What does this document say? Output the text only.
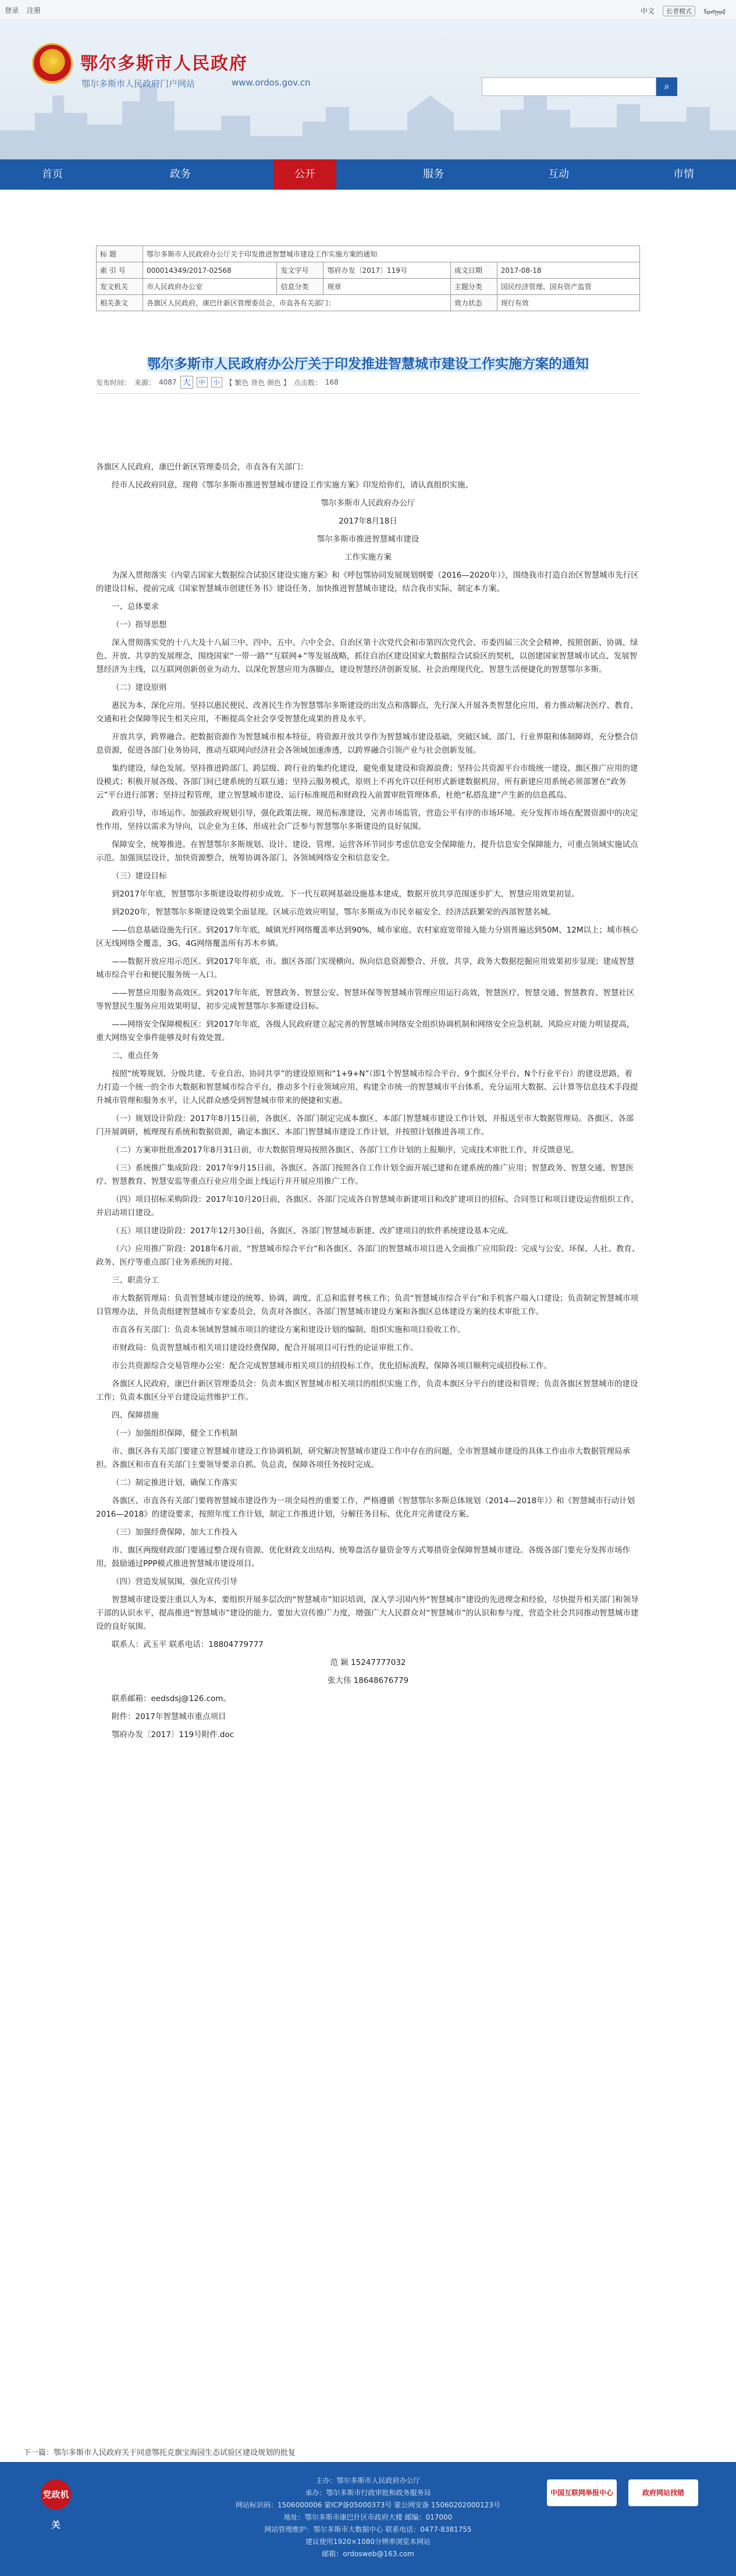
登录 注册	中文	长者模式	ᠮᠣᠩᠭᠣᠯ
★ 鄂尔多斯市人民政府
鄂尔多斯市人民政府门户网站	www.ordos.gov.cn	⌕
首页	政务	公开	服务	互动	市情
标 题	鄂尔多斯市人民政府办公厅关于印发推进智慧城市建设工作实施方案的通知				
索 引 号	000014349/2017-02568	发文字号	鄂府办发〔2017〕119号	成文日期	2017-08-18
发文机关	市人民政府办公室	信息分类	规章	主题分类	国民经济管理、国有资产监管
相关条文	各旗区人民政府，康巴什新区管理委员会，市直各有关部门：			效力状态	现行有效
鄂尔多斯市人民政府办公厅关于印发推进智慧城市建设工作实施方案的通知
发布时间： 来源： 4087 大	中	小 【 繁色 背色 颜色 】 点击数： 168

各旗区人民政府，康巴什新区管理委员会，市直各有关部门：

经市人民政府同意，现将《鄂尔多斯市推进智慧城市建设工作实施方案》印发给你们，请认真组织实施。

鄂尔多斯市人民政府办公厅

2017年8月18日

鄂尔多斯市推进智慧城市建设

工作实施方案

为深入贯彻落实《内蒙古国家大数据综合试验区建设实施方案》和《呼包鄂协同发展规划纲要（2016—2020年）》，围绕我市打造自治区智慧城市先行区的建设目标，提前完成《国家智慧城市创建任务书》建设任务，加快推进智慧城市建设，结合我市实际，制定本方案。

一、总体要求

（一）指导思想

深入贯彻落实党的十八大及十八届三中、四中、五中、六中全会、自治区第十次党代会和市第四次党代会、市委四届三次全会精神，按照创新、协调、绿色、开放、共享的发展理念，围绕国家“一带一路”“互联网+”等发展战略，抓住自治区建设国家大数据综合试验区的契机，以创建国家智慧城市试点、发展智慧经济为主线，以互联网创新创业为动力，以深化智慧应用为落脚点，建设智慧经济创新发展、社会治理现代化、智慧生活便捷化的智慧鄂尔多斯。

（二）建设原则

惠民为本，深化应用。坚持以惠民便民、改善民生作为智慧鄂尔多斯建设的出发点和落脚点，先行深入开展各类智慧化应用，着力推动解决医疗、教育、交通和社会保障等民生相关应用，不断提高全社会享受智慧化成果的普及水平。

开放共享，跨界融合。把数据资源作为智慧城市根本特征，将资源开放共享作为智慧城市建设基础，突破区域、部门、行业界限和体制障碍，充分整合信息资源，促进各部门业务协同，推动互联网向经济社会各领域加速渗透，以跨界融合引领产业与社会创新发展。

集约建设，绿色发展。坚持推进跨部门、跨层级、跨行业的集约化建设，避免重复建设和资源浪费；坚持公共资源平台市级统一建设、旗区推广应用的建设模式；积极开展各级、各部门间已建系统的互联互通；坚持云服务模式，原则上不再允许以任何形式新建数据机房，所有新建应用系统必须部署在“政务云”平台进行部署；坚持过程管理，建立智慧城市建设、运行标准规范和财政投入前置审批管理体系，杜绝“私搭乱建”产生新的信息孤岛。

政府引导，市场运作。加强政府规划引导，强化政策法规、规范标准建设，完善市场监管，营造公平有序的市场环境。充分发挥市场在配置资源中的决定性作用，坚持以需求为导向，以企业为主体，形成社会广泛参与智慧鄂尔多斯建设的良好氛围。

保障安全，统筹推进。在智慧鄂尔多斯规划、设计、建设、管理、运营各环节同步考虑信息安全保障能力，提升信息安全保障能力，可重点领域实施试点示范。加强顶层设计，加快资源整合，统筹协调各部门、各领域网络安全和信息安全。

（三）建设目标

到2017年年底，智慧鄂尔多斯建设取得初步成效。下一代互联网基础设施基本建成，数据开放共享范围逐步扩大，智慧应用效果初显。

到2020年，智慧鄂尔多斯建设效果全面显现。区域示范效应明显，鄂尔多斯成为市民幸福安全、经济活跃繁荣的西部智慧名城。

——信息基础设施先行区。到2017年年底，城镇光纤网络覆盖率达到90%，城市家庭、农村家庭宽带接入能力分别普遍达到50M、12M以上；城市核心区无线网络全覆盖，3G、4G网络覆盖所有苏木乡镇。

——数据开放应用示范区。到2017年年底，市、旗区各部门实现横向、纵向信息资源整合、开放、共享，政务大数据挖掘应用效果初步显现；建成智慧城市综合平台和便民服务统一入口。

——智慧应用服务高效区。到2017年年底，智慧政务、智慧公安、智慧环保等智慧城市管理应用运行高效，智慧医疗、智慧交通、智慧教育、智慧社区等智慧民生服务应用效果明显，初步完成智慧鄂尔多斯建设目标。

——网络安全保障模板区：到2017年年底，各级人民政府建立起完善的智慧城市网络安全组织协调机制和网络安全应急机制，风险应对能力明显提高，重大网络安全事件能够及时有效处置。

二、重点任务

按照“统筹规划、分级共建、专业自治、协同共享”的建设原则和“1+9+N”（即1个智慧城市综合平台、9个旗区分平台、N个行业平台）的建设思路，着力打造一个统一的全市大数据和智慧城市综合平台，推动多个行业领域应用，构建全市统一的智慧城市平台体系，充分运用大数据、云计算等信息技术手段提升城市管理和服务水平，让人民群众感受到智慧城市带来的便捷和实惠。

（一）规划设计阶段：2017年8月15日前，各旗区、各部门制定完成本旗区、本部门智慧城市建设工作计划，并报送至市大数据管理局。各旗区、各部门开展调研，梳理现有系统和数据资源，确定本旗区、本部门智慧城市建设工作计划，并按照计划推进各项工作。

（二）方案审批批准2017年8月31日前，市大数据管理局按照各旗区、各部门工作计划的上报顺序，完成技术审批工作，并反馈意见。

（三）系统推广集成阶段：2017年9月15日前，各旗区、各部门按照各自工作计划全面开展已建和在建系统的推广应用；智慧政务、智慧交通、智慧医疗、智慧教育、智慧安监等重点行业应用全面上线运行并开展应用推广工作。

（四）项目招标采购阶段：2017年10月20日前，各旗区、各部门完成各自智慧城市新建项目和改扩建项目的招标、合同签订和项目建设运营组织工作，并启动项目建设。

（五）项目建设阶段：2017年12月30日前，各旗区、各部门智慧城市新建、改扩建项目的软件系统建设基本完成。

（六）应用推广阶段：2018年6月前，“智慧城市综合平台”和各旗区、各部门的智慧城市项目进入全面推广应用阶段：完成与公安、环保、人社、教育、政务、医疗等重点部门业务系统的对接。

三、职责分工

市大数据管理局：负责智慧城市建设的统筹、协调、调度、汇总和监督考核工作；负责“智慧城市综合平台”和手机客户端入口建设；负责制定智慧城市项目管理办法，并负责组建智慧城市专家委员会，负责对各旗区、各部门智慧城市建设方案和各旗区总体建设方案的技术审批工作。

市直各有关部门：负责本领域智慧城市项目的建设方案和建设计划的编制、组织实施和项目验收工作。

市财政局：负责智慧城市相关项目建设经费保障，配合开展项目可行性的论证审批工作。

市公共资源综合交易管理办公室：配合完成智慧城市相关项目的招投标工作，优化招标流程，保障各项目顺利完成招投标工作。

各旗区人民政府，康巴什新区管理委员会：负责本旗区智慧城市相关项目的组织实施工作，负责本旗区分平台的建设和管理；负责各旗区智慧城市的建设工作；负责本旗区分平台建设运营维护工作。

四、保障措施

（一）加强组织保障，健全工作机制

市、旗区各有关部门要建立智慧城市建设工作协调机制，研究解决智慧城市建设工作中存在的问题，全市智慧城市建设的具体工作由市大数据管理局承担。各旗区和市直有关部门主要领导要亲自抓、负总责，保障各项任务按时完成。

（二）制定推进计划，确保工作落实

各旗区、市直各有关部门要将智慧城市建设作为一项全局性的重要工作，严格遵循《智慧鄂尔多斯总体规划（2014—2018年）》和《智慧城市行动计划2016—2018》的建设要求，按照年度工作计划，制定工作推进计划，分解任务目标，优化并完善建设方案。

（三）加强经费保障，加大工作投入

市、旗区两级财政部门要通过整合现有资源、优化财政支出结构、统筹盘活存量资金等方式筹措资金保障智慧城市建设。各级各部门要充分发挥市场作用，鼓励通过PPP模式推进智慧城市建设项目。

（四）营造发展氛围，强化宣传引导

智慧城市建设要注重以人为本，要组织开展多层次的“智慧城市”知识培训，深入学习国内外“智慧城市”建设的先进理念和经验，尽快提升相关部门和领导干部的认识水平，提高推进“智慧城市”建设的能力。要加大宣传推广力度，增强广大人民群众对“智慧城市”的认识和参与度，营造全社会共同推动智慧城市建设的良好氛围。

联系人：武玉平 联系电话：18804779777

范 颖 15247777032

张大伟 18648676779

联系邮箱：eedsdsj@126.com。

附件：2017年智慧城市重点项目

鄂府办发〔2017〕119号附件.doc

下一篇：鄂尔多斯市人民政府关于同意鄂托克旗宝海园生态试验区建设规划的批复
党政机关
主办：鄂尔多斯市人民政府办公厅
承办：鄂尔多斯市行政审批和政务服务局
网站标识码：1506000006 蒙ICP备05000373号 蒙公网安备 15060202000123号
地址：鄂尔多斯市康巴什区市政府大楼 邮编：017000
网站管理维护：鄂尔多斯市大数据中心 联系电话：0477-8381755
建议使用1920×1080分辨率浏览本网站
邮箱：ordosweb@163.com
中国互联网举报中心	政府网站找错
